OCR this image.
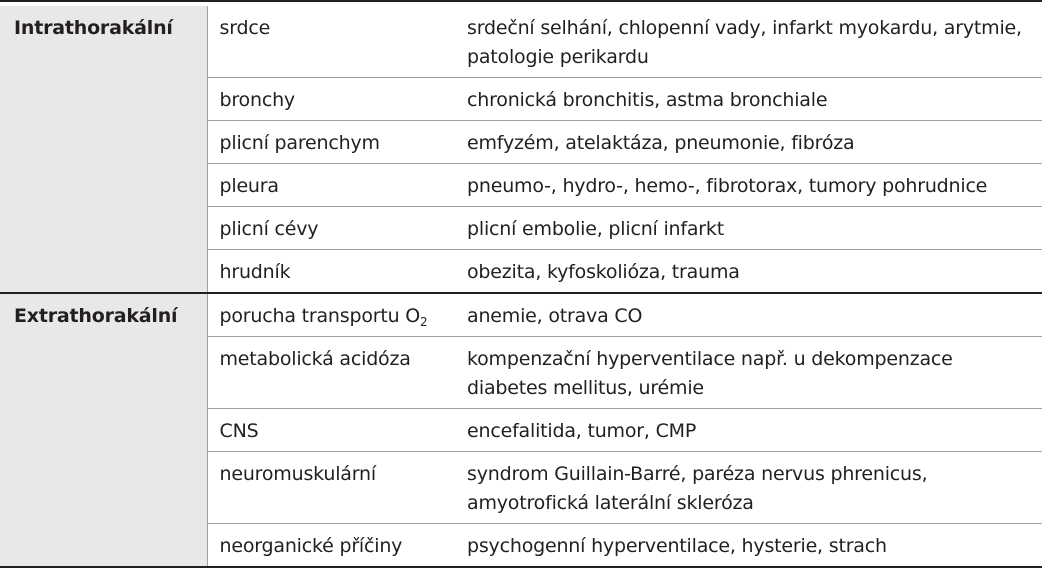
Intrathorakální	srdce	srdeční selhání, chlopenní vady, infarkt myokardu, arytmie,
patologie perikardu

	bronchy	chronická bronchitis, astma bronchiale

	plicní parenchym	emfyzém, atelaktáza, pneumonie, fibróza

	pleura	pneumo-, hydro-, hemo-, fibrotorax, tumory pohrudnice

	plicní cévy	plicní embolie, plicní infarkt

	hrudník	obezita, kyfoskolióza, trauma

Extrathorakální	porucha transportu $O_2$	anemie, otrava CO

	metabolická acidóza	kompenzační hyperventilace např. u dekompenzace
diabetes mellitus, urémie

	CNS	encefalitida, tumor, CMP

	neuromuskulární	syndrom Guillain-Barré, paréza nervus phrenicus,
amyotrofická laterální skleróza

	neorganické příčiny	psychogenní hyperventilace, hysterie, strach
